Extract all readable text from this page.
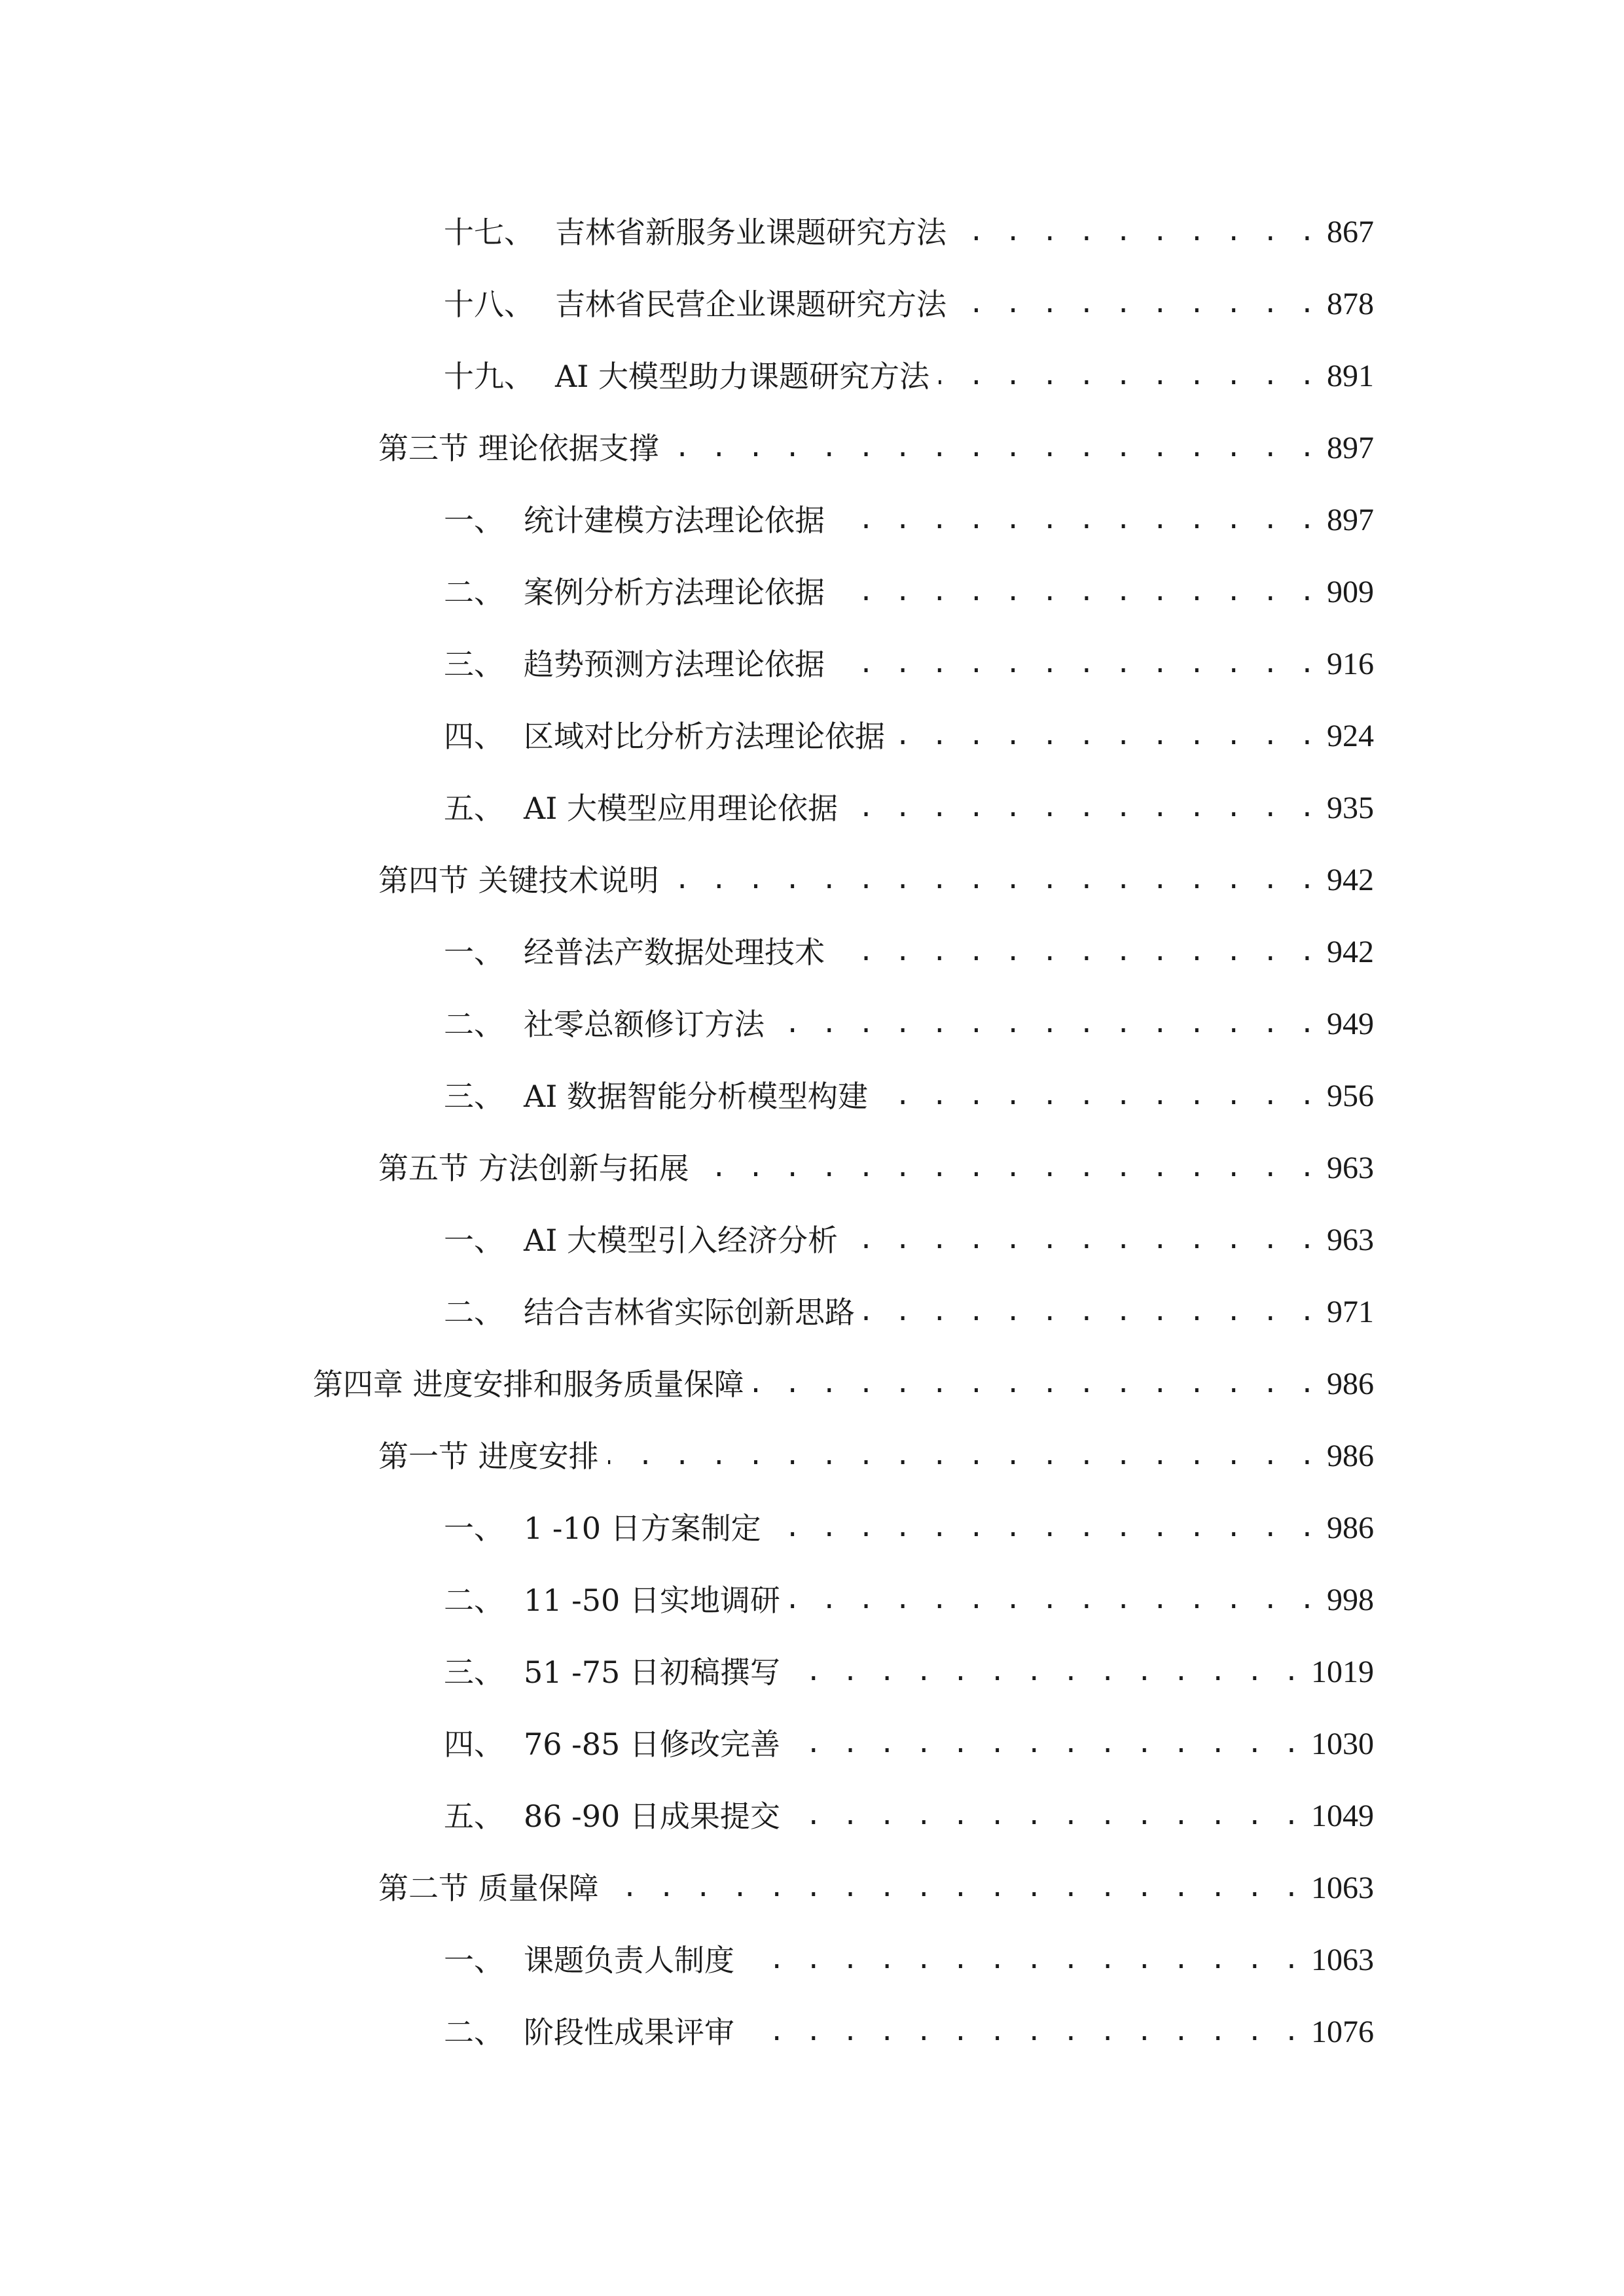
十七、 吉林省新服务业课题研究方法 . . .	867
十八、 吉林省民营企业课题研究方法 . . .	878
十九、 AI 大模型助力课题研究方法 . . .	891
第三节 理论依据支撑 . . .	897
一、 统计建模方法理论依据 . . .	897
二、 案例分析方法理论依据 . . .	909
三、 趋势预测方法理论依据 . . .	916
四、 区域对比分析方法理论依据 . . .	924
五、 AI 大模型应用理论依据 . . .	935
第四节 关键技术说明 . . .	942
一、 经普法产数据处理技术 . . .	942
二、 社零总额修订方法 . . .	949
三、 AI 数据智能分析模型构建 . . .	956
第五节 方法创新与拓展 . . .	963
一、 AI 大模型引入经济分析 . . .	963
二、 结合吉林省实际创新思路 . . .	971
第四章 进度安排和服务质量保障 . . .	986
第一节 进度安排 . . .	986
一、 1 -10 日方案制定 . . .	986
二、 11 -50 日实地调研 . . .	998
三、 51 -75 日初稿撰写 . . .	1019
四、 76 -85 日修改完善 . . .	1030
五、 86 -90 日成果提交 . . .	1049
第二节 质量保障 . . .	1063
一、 课题负责人制度 . . .	1063
二、 阶段性成果评审 . . .	1076
